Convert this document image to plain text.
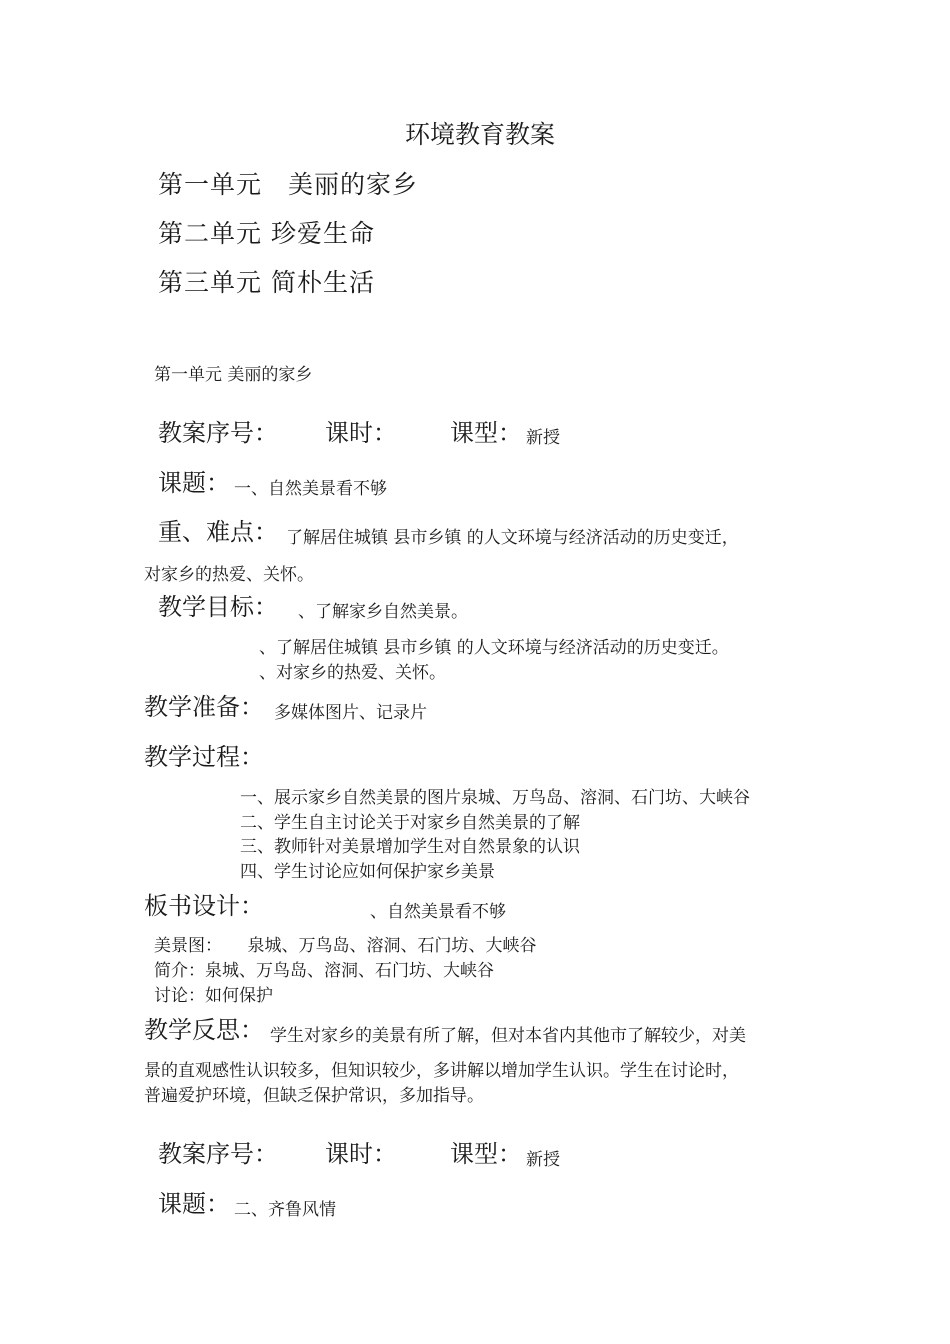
环境教育教案
第一单元　美丽的家乡
第二单元 珍爱生命
第三单元 简朴生活
第一单元 美丽的家乡
教案序号： 课时： 课型： 新授
课题： 一、自然美景看不够
重、难点： 了解居住城镇 县市乡镇 的人文环境与经济活动的历史变迁，
对家乡的热爱、关怀。
教学目标： 、了解家乡自然美景。
、了解居住城镇 县市乡镇 的人文环境与经济活动的历史变迁。
、对家乡的热爱、关怀。
教学准备： 多媒体图片、记录片
教学过程：
一、展示家乡自然美景的图片泉城、万鸟岛、溶洞、石门坊、大峡谷
二、学生自主讨论关于对家乡自然美景的了解
三、教师针对美景增加学生对自然景象的认识
四、学生讨论应如何保护家乡美景
板书设计：	、自然美景看不够
美景图：　　泉城、万鸟岛、溶洞、石门坊、大峡谷
简介：泉城、万鸟岛、溶洞、石门坊、大峡谷
讨论：如何保护
教学反思： 学生对家乡的美景有所了解，但对本省内其他市了解较少，对美
景的直观感性认识较多，但知识较少，多讲解以增加学生认识。学生在讨论时，
普遍爱护环境，但缺乏保护常识，多加指导。
教案序号： 课时： 课型： 新授
课题： 二、齐鲁风情
